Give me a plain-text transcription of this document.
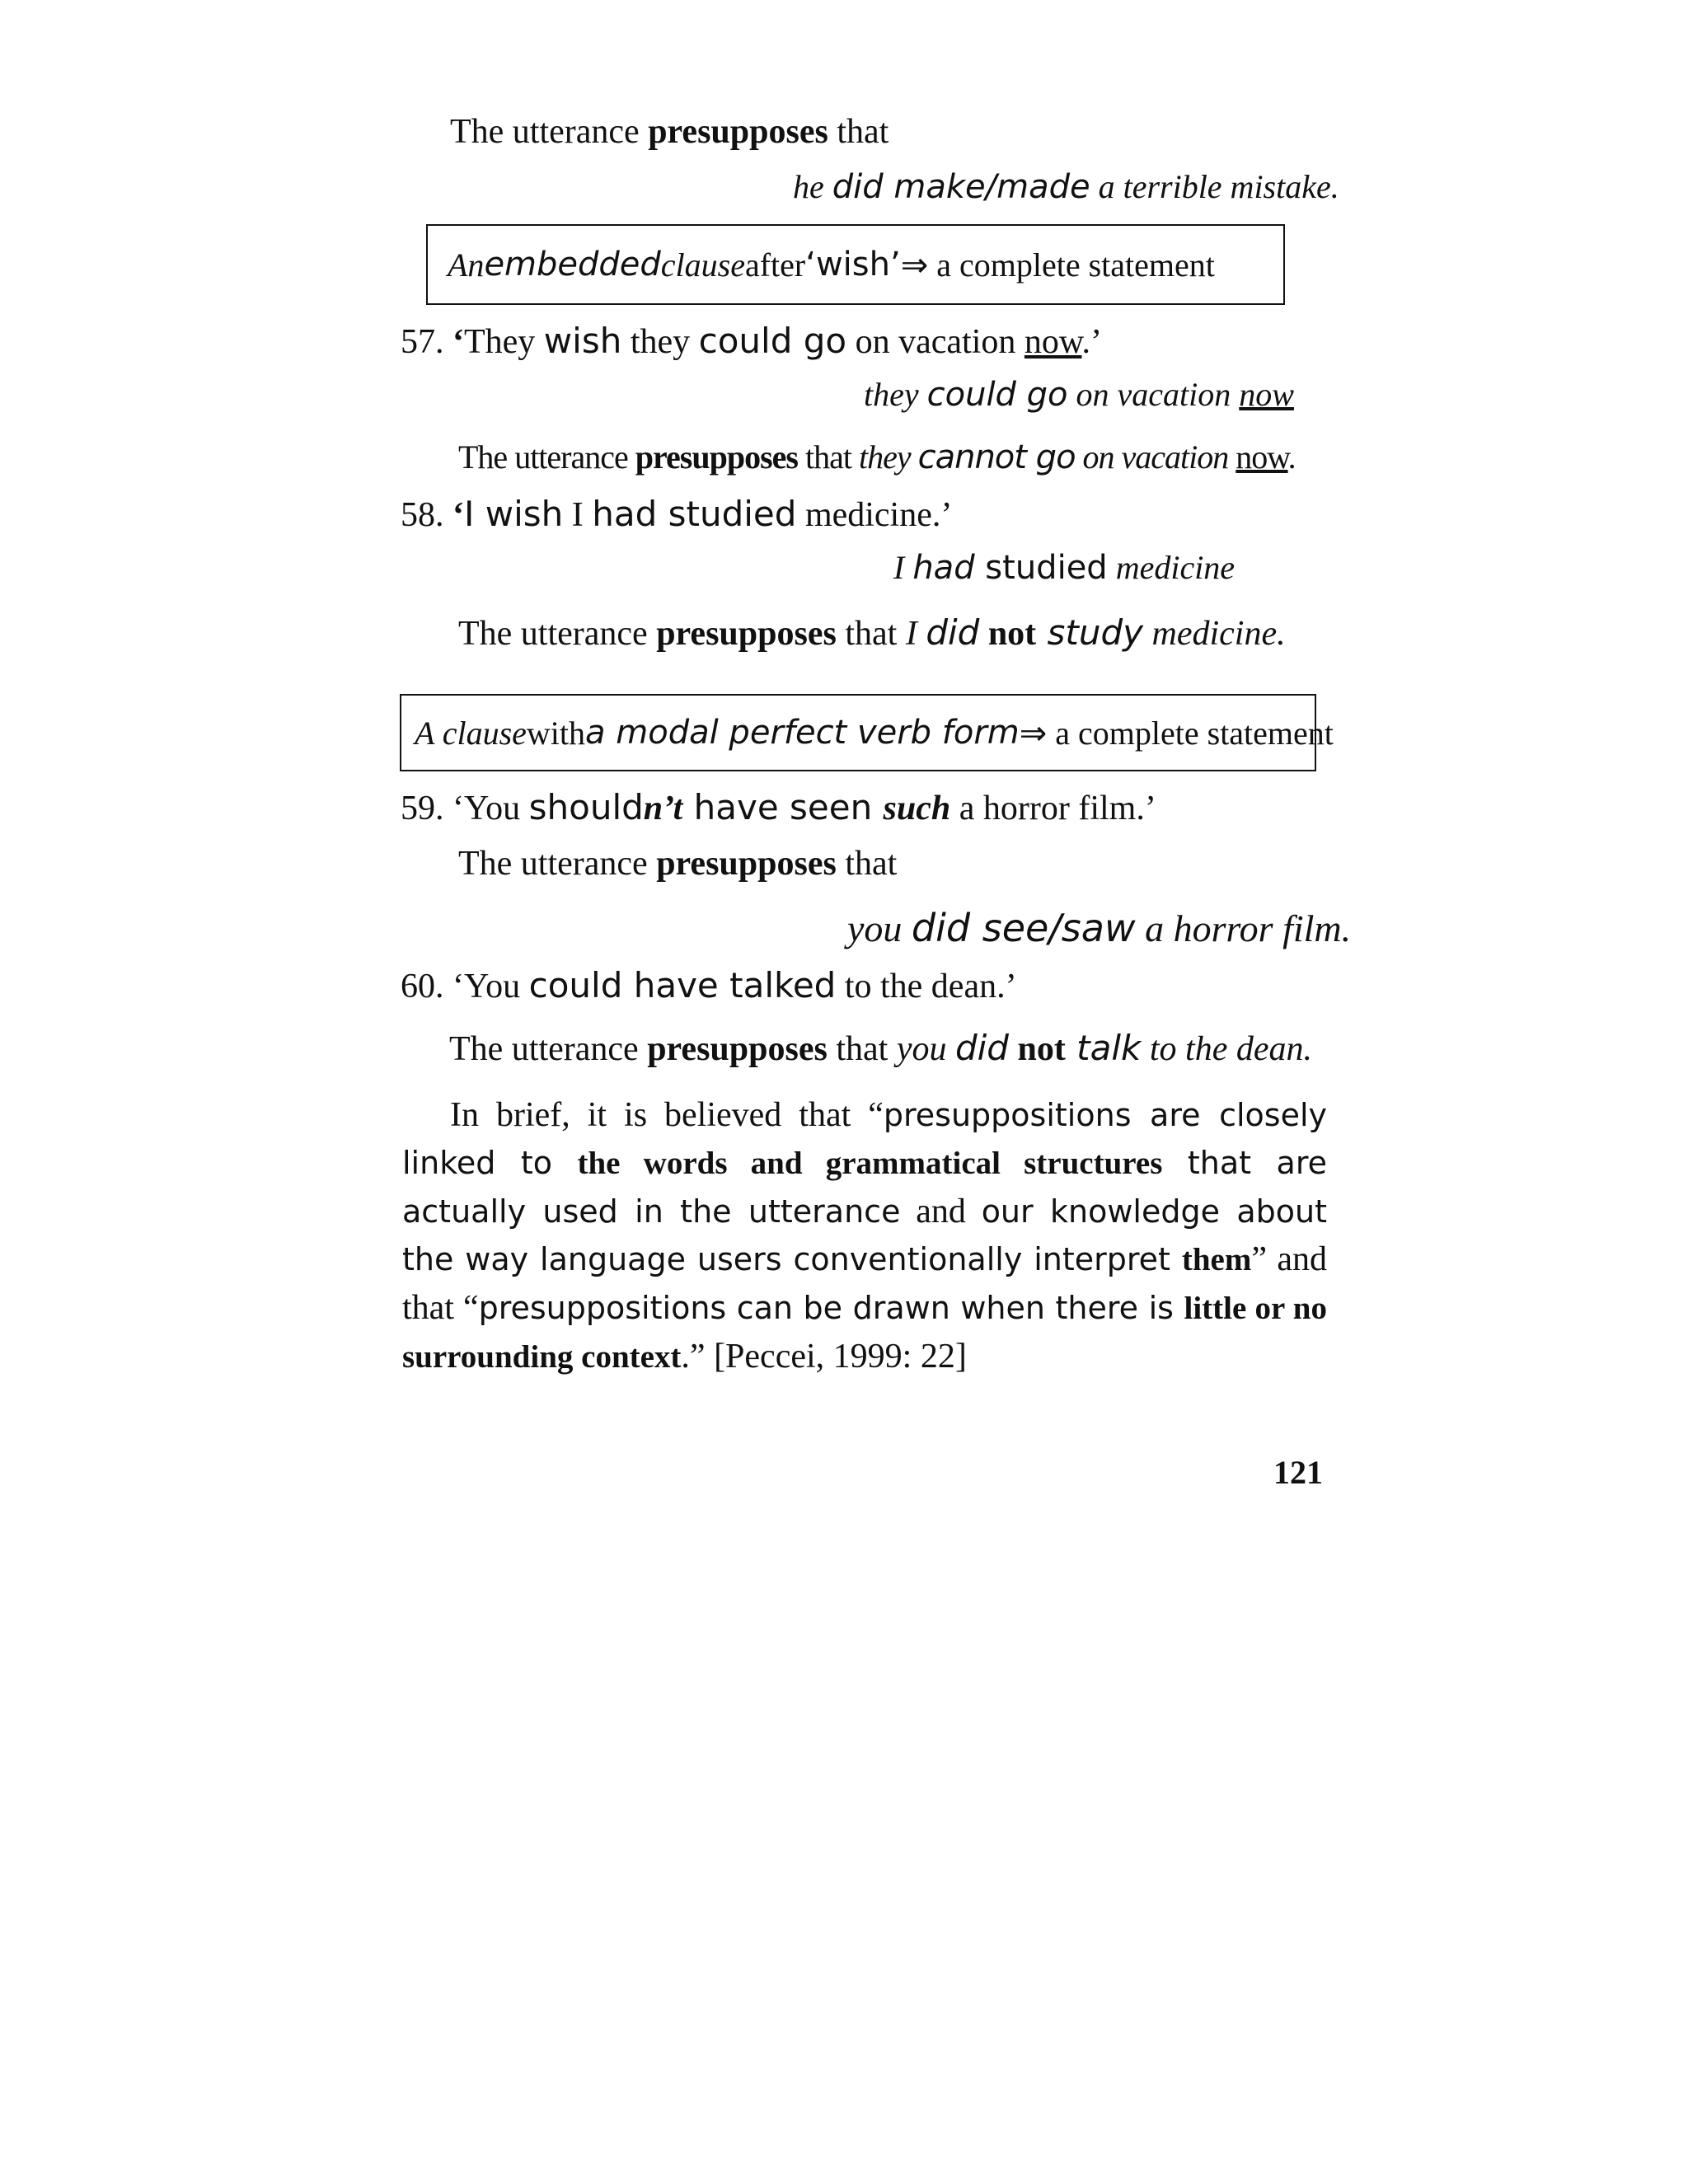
The utterance presupposes that
he did make/made a terrible mistake.
An embedded clause after ‘wish’ ⇒ a complete statement
57. ‘They wish they could go on vacation now.’
they could go on vacation now
The utterance presupposes that they cannot go on vacation now.
58. ‘I wish I had studied medicine.’
I had studied medicine
The utterance presupposes that I did not study medicine.
A clause with a modal perfect verb form ⇒ a complete statement
59. ‘You shouldn’t have seen such a horror film.’
The utterance presupposes that
you did see/saw a horror film.
60. ‘You could have talked to the dean.’
The utterance presupposes that you did not talk to the dean.
In brief, it is believed that “presuppositions are closely linked to the words and grammatical structures that are actually used in the utterance and our knowledge about the way language users conventionally interpret them” and that “presuppositions can be drawn when there is little or no surrounding context.” [Peccei, 1999: 22]
121
